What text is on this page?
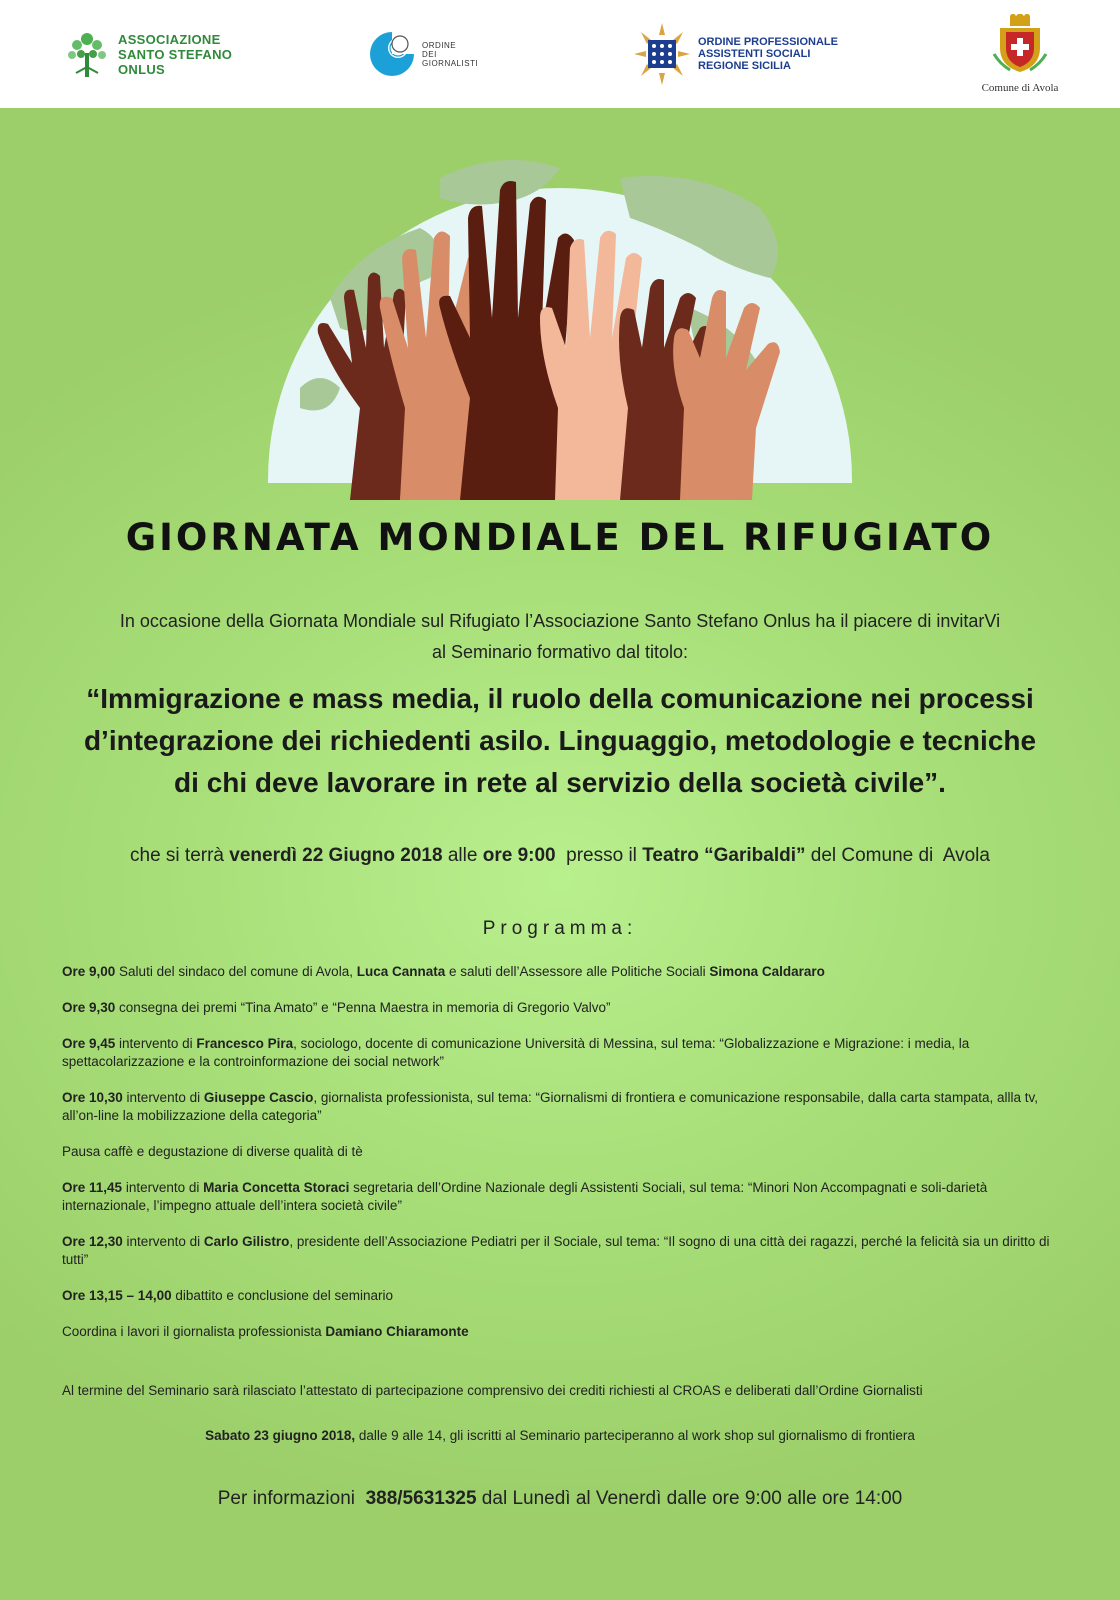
ASSOCIAZIONE
SANTO STEFANO
ONLUS
ORDINE
DEI
GIORNALISTI
ORDINE PROFESSIONALE
ASSISTENTI SOCIALI
REGIONE SICILIA
Comune di Avola
GIORNATA MONDIALE DEL RIFUGIATO
In occasione della Giornata Mondiale sul Rifugiato l’Associazione Santo Stefano Onlus ha il piacere di invitarVi
al Seminario formativo dal titolo:
“Immigrazione e mass media, il ruolo della comunicazione nei processi
d’integrazione dei richiedenti asilo. Linguaggio, metodologie e tecniche
di chi deve lavorare in rete al servizio della società civile”.
che si terrà venerdì 22 Giugno 2018 alle ore 9:00  presso il Teatro “Garibaldi” del Comune di  Avola
Programma:

Ore 9,00 Saluti del sindaco del comune di Avola, Luca Cannata e saluti dell’Assessore alle Politiche Sociali Simona Caldararo

Ore 9,30 consegna dei premi “Tina Amato” e “Penna Maestra in memoria di Gregorio Valvo”

Ore 9,45 intervento di Francesco Pira, sociologo, docente di comunicazione Università di Messina, sul tema: “Globalizzazione e Migrazione: i media, la spettacolarizzazione e la controinformazione dei social network”

Ore 10,30 intervento di Giuseppe Cascio, giornalista professionista, sul tema: “Giornalismi di frontiera e comunicazione responsabile, dalla carta stampata, allla tv, all’on-line la mobilizzazione della categoria”

Pausa caffè e degustazione di diverse qualità di tè

Ore 11,45 intervento di Maria Concetta Storaci segretaria dell’Ordine Nazionale degli Assistenti Sociali, sul tema: “Minori Non Accompagnati e soli-darietà internazionale, l’impegno attuale dell’intera società civile”

Ore 12,30 intervento di Carlo Gilistro, presidente dell’Associazione Pediatri per il Sociale, sul tema: “Il sogno di una città dei ragazzi, perché la felicità sia un diritto di tutti”

Ore 13,15 – 14,00 dibattito e conclusione del seminario

Coordina i lavori il giornalista professionista Damiano Chiaramonte

Al termine del Seminario sarà rilasciato l’attestato di partecipazione comprensivo dei crediti richiesti al CROAS e deliberati dall’Ordine Giornalisti
Sabato 23 giugno 2018, dalle 9 alle 14, gli iscritti al Seminario parteciperanno al work shop sul giornalismo di frontiera
Per informazioni  388/5631325 dal Lunedì al Venerdì dalle ore 9:00 alle ore 14:00
